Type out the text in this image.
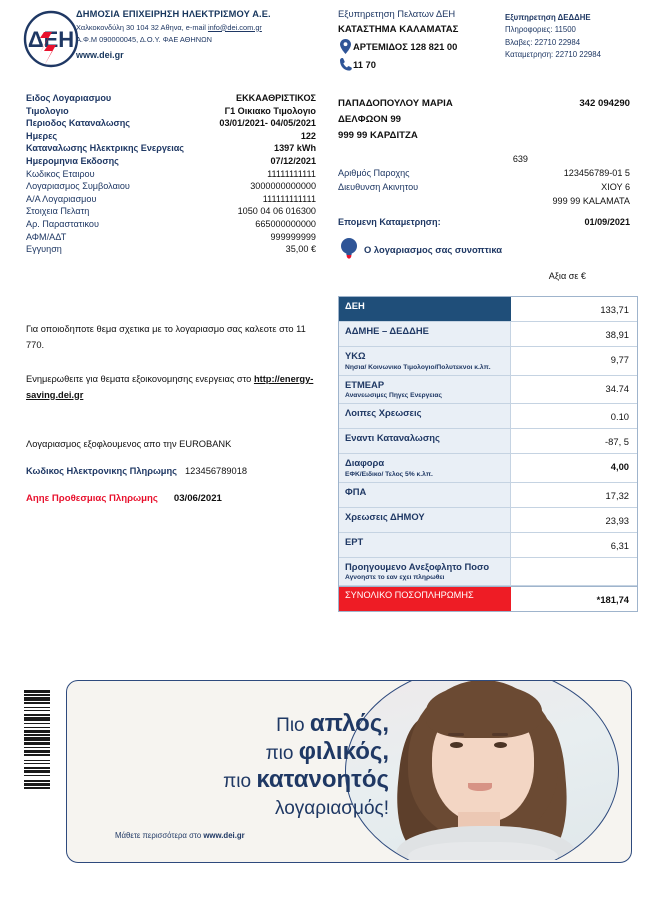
ΔΕΗ
ΔΗΜΟΣΙΑ ΕΠΙΧΕΙΡΗΣΗ ΗΛΕΚΤΡΙΣΜΟΥ Α.Ε.
Χαλκοκονδύλη 30 104 32 Αθηνα, e-mail info@dei.com.gr
Α.Φ.Μ 090000045, Δ.Ο.Υ. ΦΑΕ ΑΘΗΝΩΝ
www.dei.gr
Εξυπηρετηση Πελατων ΔΕΗ
ΚΑΤΑΣΤΗΜΑ ΚΑΛΑΜΑΤΑΣ
ΑΡΤΕΜΙΔΟΣ 128 821 00
11 70
Εξυπηρετηση ΔΕΔΔΗΕ
Πληροφοριες: 11500
Βλαβες: 22710 22984
Καταμετρηση: 22710 22984
Ειδος Λογαριασμου	ΕΚΚΑΑΘΡΙΣΤΙΚΟΣ
Τιμολογιο	Γ1 Οικιακο Τιμολογιο
Περιοδος Καταναλωσης	03/01/2021- 04/05/2021
Ημερες	122
Καταναλωσης Ηλεκτρικης Ενεργειας	1397 kWh
Ημερομηνια Εκδοσης	07/12/2021
Κωδικος Εταιρου	11111111111
Λογαριασμος Συμβολαιου	3000000000000
Α/Α Λογαριασμου	111111111111
Στοιχεια Πελατη	1050 04 06 016300
Αρ. Παραστατικου	665000000000
ΑΦΜ/ΑΔΤ	999999999
Εγγυηση	35,00 €
Για οποιοδηποτε θεμα σχετικα με το λογαριασμο σας καλεοτε στο 11 770.
Ενημερωθειτε για θεματα εξοικονομησης ενεργειας στο http://energy-saving.dei.gr
Λογαριασμος εξοφλουμενος απο την EUROBANK
Κωδικος Ηλεκτρονικης Πληρωμης 123456789018
Αηηε Προθεσμιας Πληρωμης 03/06/2021
ΠΑΠΑΔΟΠΟΥΛΟΥ ΜΑΡΙΑ	342 094290
ΔΕΛΦΩΟΝ 99
999 99 ΚΑΡΔΙΤΖΑ
639
Αριθμός Παροχης	123456789-01 5
Διευθυνση Ακινητου	ΧΙΟΥ 6
999 99 KALAMATA
Επομενη Καταμετρηση:	01/09/2021
Ο λογαριασμος σας συνοπτικα
Αξια σε €
ΔΕΗ	133,71
ΑΔΜΗΕ – ΔΕΔΔΗΕ	38,91
ΥΚΩ
Νησια/ Κοινωνικο Τιμολογιο/Πολυτεκνοι κ.λπ.
9,77
ΕΤΜΕΑΡ
Ανανεωσιμες Πηγες Ενεργειας
34.74
Λοιπες Χρεωσεις	0.10
Εναντι Καταναλωσης	-87, 5
Διαφορα
ΕΦΚ/Ειδικο/ Τελος 5% κ.λπ.
4,00
ΦΠΑ	17,32
Χρεωσεις ΔΗΜΟΥ	23,93
ΕΡΤ	6,31
Προηγουμενο Ανεξοφλητο Ποσο
Αγνοηστε το εαν εχει πληρωθει
ΣΥΝΟΛΙΚΟ ΠΟΣΟΠΛΗΡΩΜΗΣ	*181,74
Πιο απλός,
πιο φιλικός,
πιο κατανοητός
λογαριασμός!
Μάθετε περισσότερα στο www.dei.gr
